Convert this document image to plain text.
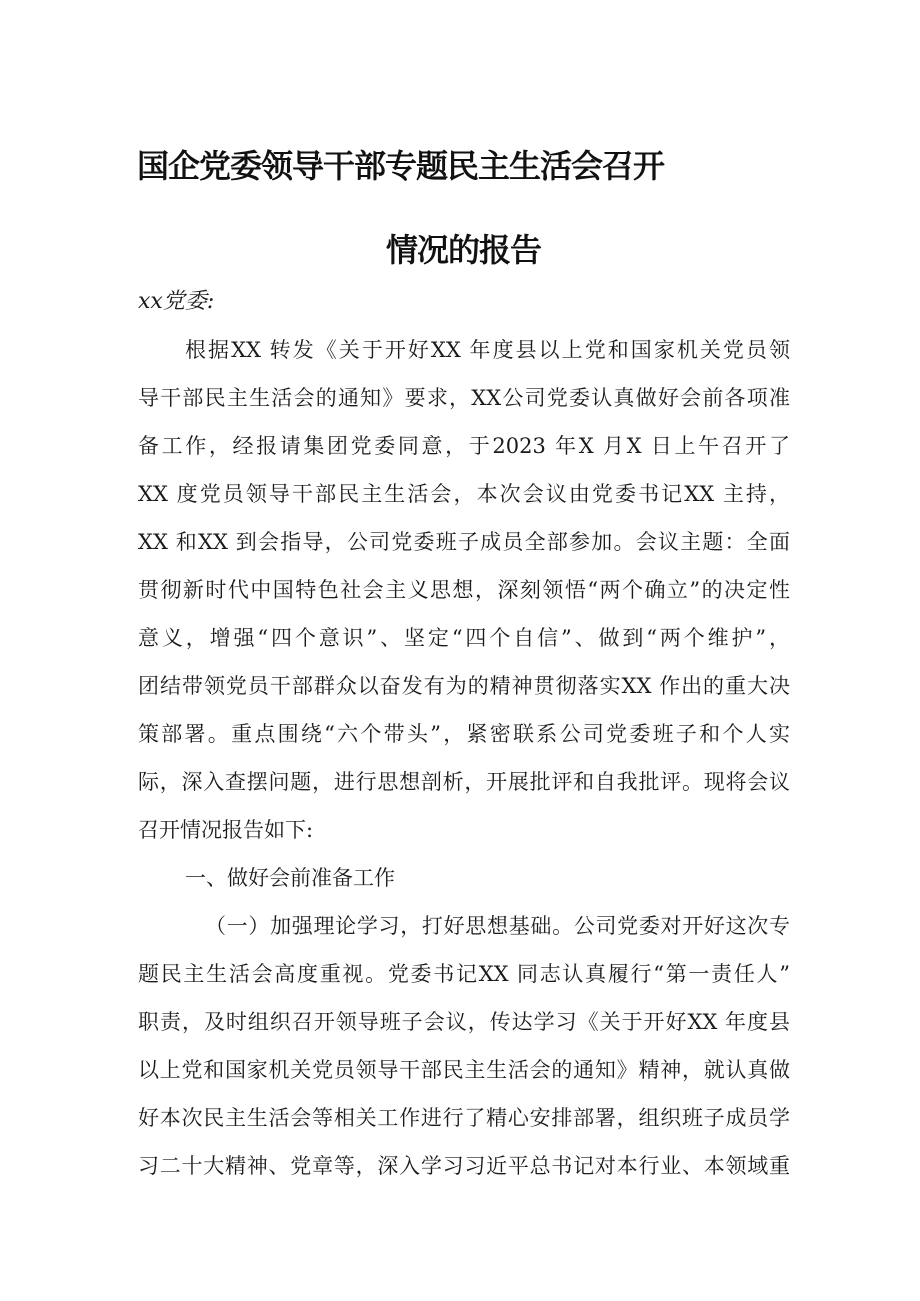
国企党委领导干部专题民主生活会召开
情况的报告
xx党委:
根据XX 转发《关于开好XX 年度县以上党和国家机关党员领
导干部民主生活会的通知》要求，XX公司党委认真做好会前各项准
备工作，经报请集团党委同意，于2023 年X 月X 日上午召开了
XX 度党员领导干部民主生活会，本次会议由党委书记XX 主持，
XX 和XX 到会指导，公司党委班子成员全部参加。会议主题：全面
贯彻新时代中国特色社会主义思想，深刻领悟“两个确立”的决定性
意义，增强“四个意识”、坚定“四个自信”、做到“两个维护”，
团结带领党员干部群众以奋发有为的精神贯彻落实XX 作出的重大决
策部署。重点围绕“六个带头”，紧密联系公司党委班子和个人实
际，深入查摆问题，进行思想剖析，开展批评和自我批评。现将会议
召开情况报告如下:
一、做好会前准备工作
（一）加强理论学习，打好思想基础。公司党委对开好这次专
题民主生活会高度重视。党委书记XX 同志认真履行“第一责任人”
职责，及时组织召开领导班子会议，传达学习《关于开好XX 年度县
以上党和国家机关党员领导干部民主生活会的通知》精神，就认真做
好本次民主生活会等相关工作进行了精心安排部署，组织班子成员学
习二十大精神、党章等，深入学习习近平总书记对本行业、本领域重
